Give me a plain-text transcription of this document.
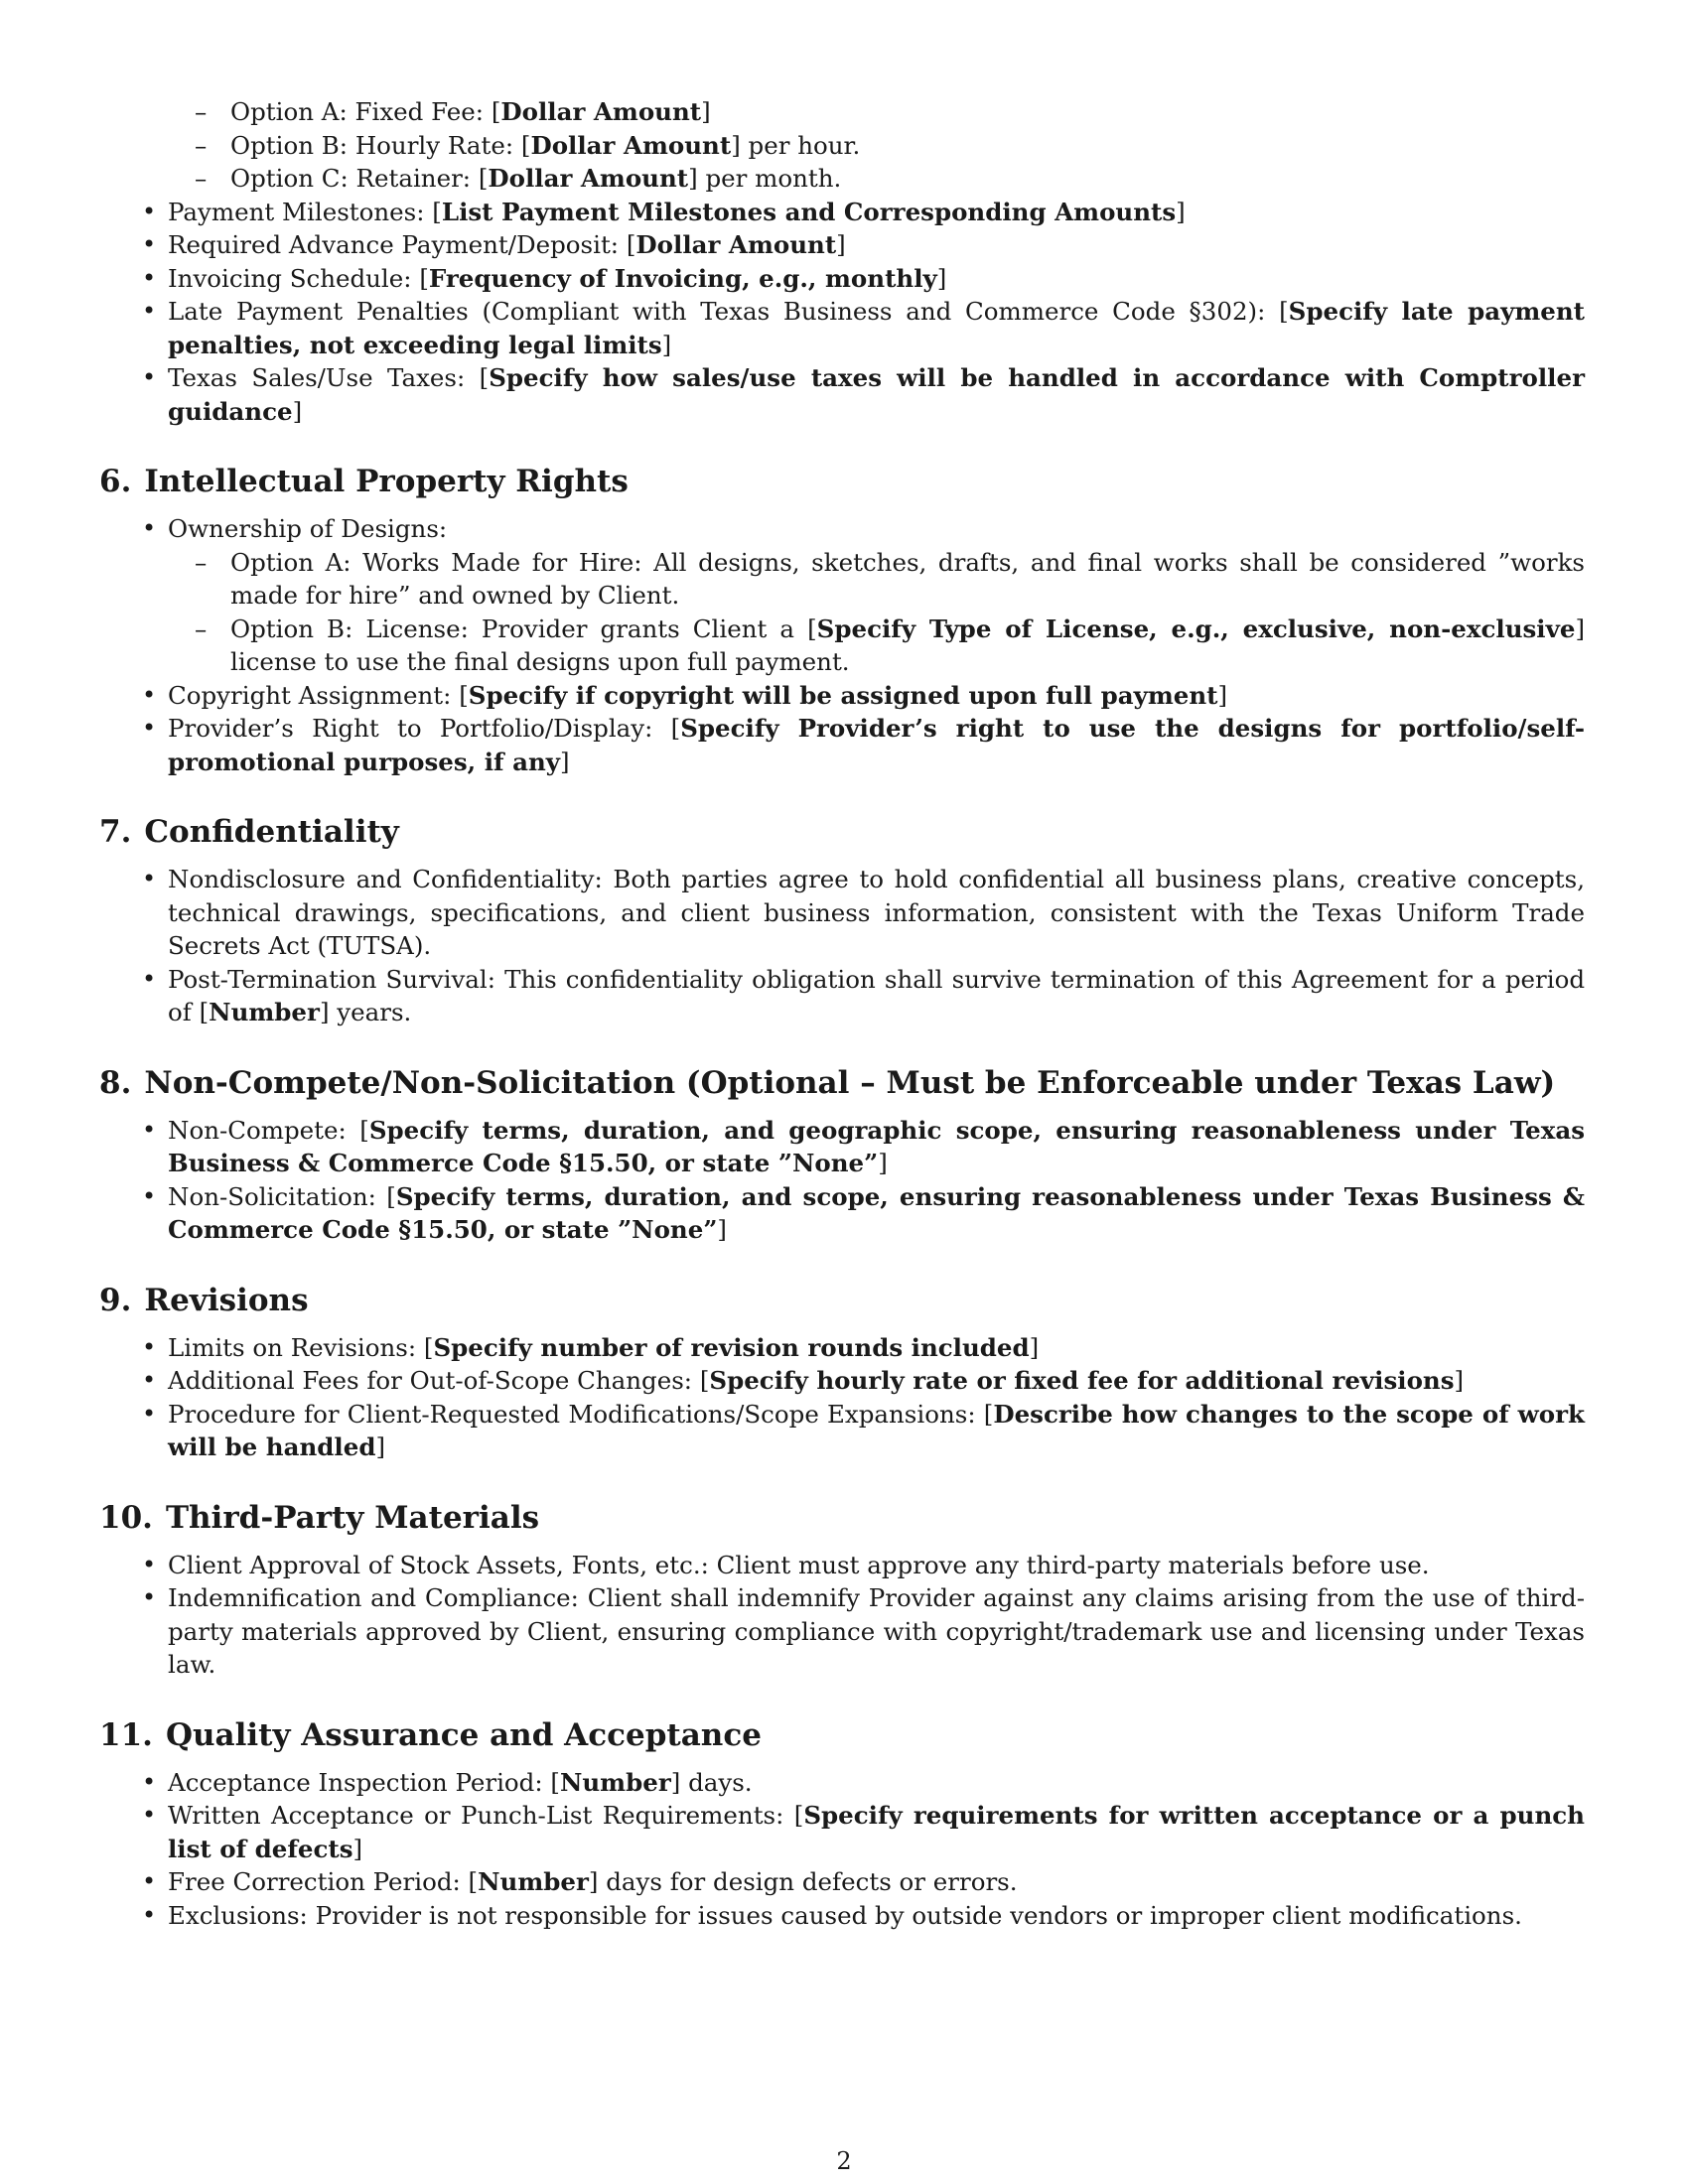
– Option A: Fixed Fee: [Dollar Amount]
– Option B: Hourly Rate: [Dollar Amount] per hour.
– Option C: Retainer: [Dollar Amount] per month.
• Payment Milestones: [List Payment Milestones and Corresponding Amounts]
• Required Advance Payment/Deposit: [Dollar Amount]
• Invoicing Schedule: [Frequency of Invoicing, e.g., monthly]
• Late Payment Penalties (Compliant with Texas Business and Commerce Code §302): [Specify late payment penalties, not exceeding legal limits]
• Texas Sales/Use Taxes: [Specify how sales/use taxes will be handled in accordance with Comptroller guidance]
6. Intellectual Property Rights
• Ownership of Designs:
– Option A: Works Made for Hire: All designs, sketches, drafts, and final works shall be considered ”works made for hire” and owned by Client.
– Option B: License: Provider grants Client a [Specify Type of License, e.g., exclusive, non-exclusive] license to use the final designs upon full payment.
• Copyright Assignment: [Specify if copyright will be assigned upon full payment]
• Provider’s Right to Portfolio/Display: [Specify Provider’s right to use the designs for portfolio/self-promotional purposes, if any]
7. Confidentiality
• Nondisclosure and Confidentiality: Both parties agree to hold confidential all business plans, creative concepts, technical drawings, specifications, and client business information, consistent with the Texas Uniform Trade Secrets Act (TUTSA).
• Post-Termination Survival: This confidentiality obligation shall survive termination of this Agreement for a period of [Number] years.
8. Non-Compete/Non-Solicitation (Optional – Must be Enforceable under Texas Law)
• Non-Compete: [Specify terms, duration, and geographic scope, ensuring reasonableness under Texas Business & Commerce Code §15.50, or state ”None”]
• Non-Solicitation: [Specify terms, duration, and scope, ensuring reasonableness under Texas Business & Commerce Code §15.50, or state ”None”]
9. Revisions
• Limits on Revisions: [Specify number of revision rounds included]
• Additional Fees for Out-of-Scope Changes: [Specify hourly rate or fixed fee for additional revisions]
• Procedure for Client-Requested Modifications/Scope Expansions: [Describe how changes to the scope of work will be handled]
10. Third-Party Materials
• Client Approval of Stock Assets, Fonts, etc.: Client must approve any third-party materials before use.
• Indemnification and Compliance: Client shall indemnify Provider against any claims arising from the use of third-party materials approved by Client, ensuring compliance with copyright/trademark use and licensing under Texas law.
11. Quality Assurance and Acceptance
• Acceptance Inspection Period: [Number] days.
• Written Acceptance or Punch-List Requirements: [Specify requirements for written acceptance or a punch list of defects]
• Free Correction Period: [Number] days for design defects or errors.
• Exclusions: Provider is not responsible for issues caused by outside vendors or improper client modifications.
2
